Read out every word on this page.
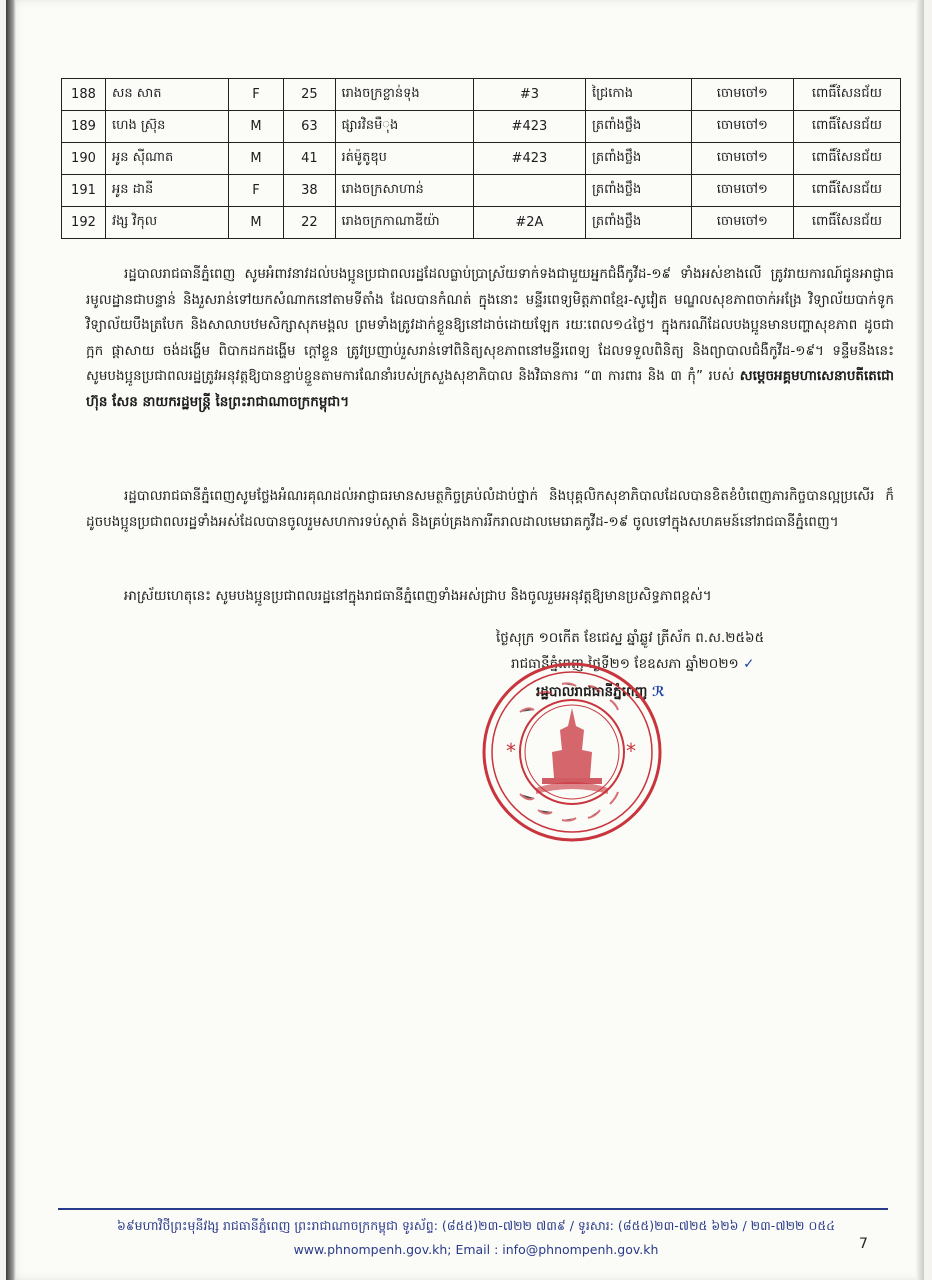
188	សន សាត	F	25	រោងចក្រខ្លាន់ទុង	#3	ជ្រៃកោង	ចោមចៅ១	ពោធិ៍សែនជ័យ
189	ហេង ស្រ៊ុន	M	63	ផ្សារវិនមឺុង	#423	ត្រពាំងថ្លឹង	ចោមចៅ១	ពោធិ៍សែនជ័យ
190	អូន ស៊ីណាត	M	41	រត់ម៉ូតូឌុប	#423	ត្រពាំងថ្លឹង	ចោមចៅ១	ពោធិ៍សែនជ័យ
191	អូន ដានី	F	38	រោងចក្រសាហាន់		ត្រពាំងថ្លឹង	ចោមចៅ១	ពោធិ៍សែនជ័យ
192	វង្ស វិកុល	M	22	រោងចក្រកាណាឌីយ៉ា	#2A	ត្រពាំងថ្លឹង	ចោមចៅ១	ពោធិ៍សែនជ័យ
រដ្ឋបាលរាជធានីភ្នំពេញ សូមអំពាវនាវដល់បងប្អូនប្រជាពលរដ្ឋដែលធ្លាប់ប្រាស្រ័យទាក់ទងជាមួយអ្នកជំងឺកូវីដ-១៩ ទាំងអស់ខាងលើ ត្រូវរាយការណ៍ជូនអាជ្ញាធរមូលដ្ឋានជាបន្ទាន់ និងរួសរាន់ទៅយកសំណាកនៅតាមទីតាំង ដែលបានកំណត់ ក្នុងនោះ មន្ទីរពេទ្យមិត្តភាពខ្មែរ-សូវៀត មណ្ឌលសុខភាពចាក់អង្រែ វិទ្យាល័យបាក់ទូក វិទ្យាល័យបឹងត្របែក និងសាលាបឋមសិក្សាសុភមង្គល ព្រមទាំងត្រូវដាក់ខ្លួនឱ្យនៅដាច់ដោយឡែក រយៈពេល១៤ថ្ងៃ។ ក្នុងករណីដែលបងប្អូនមានបញ្ហាសុខភាព ដូចជាក្អក ផ្តាសាយ ចង់ដង្ហើម ពិបាកដកដង្ហើម ក្តៅខ្លួន ត្រូវប្រញាប់រួសរាន់ទៅពិនិត្យសុខភាពនៅមន្ទីរពេទ្យ ដែលទទួលពិនិត្យ និងព្យាបាលជំងឺកូវីដ-១៩។ ទន្ទឹមនឹងនេះ សូមបងប្អូនប្រជាពលរដ្ឋត្រូវអនុវត្តឱ្យបានខ្ជាប់ខ្ជួនតាមការណែនាំរបស់ក្រសួងសុខាភិបាល និងវិធានការ “៣ ការពារ និង ៣ កុំ” របស់ សម្តេចអគ្គមហាសេនាបតីតេជោ ហ៊ុន សែន នាយករដ្ឋមន្ត្រី នៃព្រះរាជាណាចក្រកម្ពុជា។
រដ្ឋបាលរាជធានីភ្នំពេញសូមថ្លែងអំណរគុណដល់អាជ្ញាធរមានសមត្ថកិច្ចគ្រប់លំដាប់ថ្នាក់ និងបុគ្គលិកសុខាភិបាលដែលបានខិតខំបំពេញភារកិច្ចបានល្អប្រសើរ ក៏ដូចបងប្អូនប្រជាពលរដ្ឋទាំងអស់ដែលបានចូលរួមសហការទប់ស្កាត់ និងគ្រប់គ្រងការរីករាលដាលមេរោគកូវីដ-១៩ ចូលទៅក្នុងសហគមន៍នៅរាជធានីភ្នំពេញ។
អាស្រ័យហេតុនេះ សូមបងប្អូនប្រជាពលរដ្ឋនៅក្នុងរាជធានីភ្នំពេញទាំងអស់ជ្រាប និងចូលរួមអនុវត្តឱ្យមានប្រសិទ្ធភាពខ្ពស់។
ថ្ងៃសុក្រ ១០កើត ខែជេស្ឋ ឆ្នាំឆ្លូវ ត្រីស័ក ព.ស.២៥៦៥
រាជធានីភ្នំពេញ ថ្ងៃទី២១ ខែឧសភា ឆ្នាំ២០២១ ✓
រដ្ឋបាលរាជធានីភ្នំពេញ ℛ
*	*
៦៩មហាវិថីព្រះមុនីវង្ស រាជធានីភ្នំពេញ ព្រះរាជាណាចក្រកម្ពុជា ទូរស័ព្ទ: (៨៥៥)២៣-៧២២ ៧៣៩ / ទូរសារ: (៨៥៥)២៣-៧២៥ ៦២៦ / ២៣-៧២២ ០៥៤
www.phnompenh.gov.kh; Email : info@phnompenh.gov.kh	7
